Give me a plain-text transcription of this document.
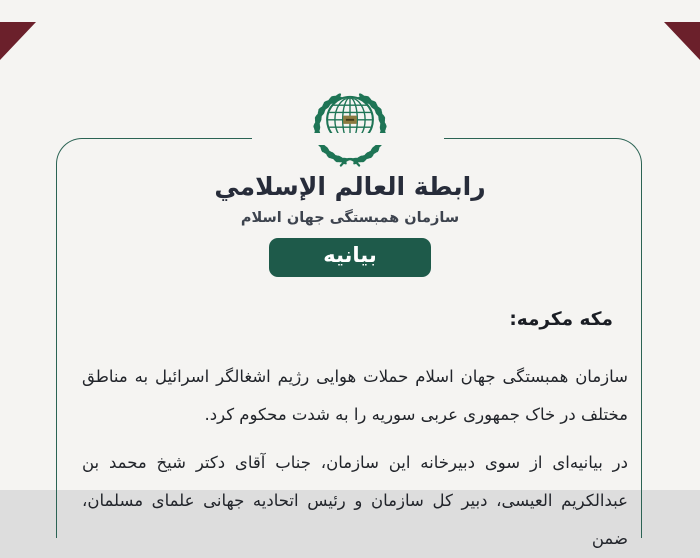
رابطة العالم الإسلامي
سازمان همبستگی جهان اسلام
بیانیه
مکه مکرمه:
سازمان همبستگی جهان اسلام حملات هوایی رژیم اشغالگر اسرائیل به مناطق
مختلف در خاک جمهوری عربی سوریه را به شدت محکوم کرد.
در بیانیه‌ای از سوی دبیرخانه این سازمان، جناب آقای دکتر شیخ محمد بن
عبدالکریم العیسی، دبیر کل سازمان و رئیس اتحادیه جهانی علمای مسلمان، ضمن
